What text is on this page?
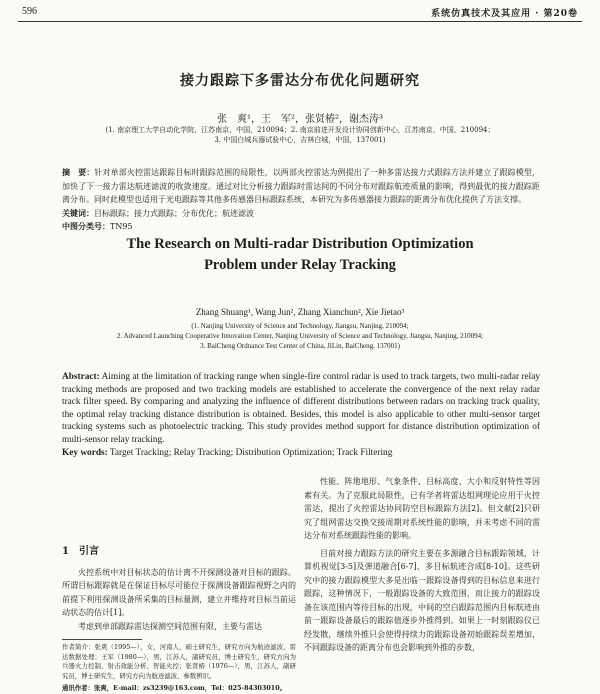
596	系统仿真技术及其应用 · 第20卷
接力跟踪下多雷达分布优化问题研究
张　爽¹，王　军²，张贤椿²，谢杰涛³
(1. 南京理工大学自动化学院，江苏南京，中国，210094；2. 南京前进开发设计协同创新中心，江苏南京，中国，210094；
3. 中国白城兵器试验中心，吉林白城，中国，137001)
摘　要：针对单部火控雷达跟踪目标时跟踪范围的局限性，以两部火控雷达为例提出了一种多雷达接力式跟踪方法并建立了跟踪模型，加快了下一接力雷达航迹滤波的收敛速度。通过对比分析接力跟踪时雷达间的不同分布对跟踪航迹质量的影响，得到最优的接力跟踪距离分布。同时此模型也适用于光电跟踪等其他多传感器目标跟踪系统，本研究为多传感器接力跟踪的距离分布优化提供了方法支撑。
关键词：目标跟踪；接力式跟踪；分布优化；航迹滤波
中图分类号：TN95
The Research on Multi-radar Distribution Optimization
Problem under Relay Tracking
Zhang Shuang¹, Wang Jun², Zhang Xianchun², Xie Jietao³
(1. Nanjing University of Science and Technology, Jiangsu, Nanjing, 210094;
2. Advanced Launching Cooperative Innovation Center, Nanjing University of Science and Technology, Jiangsu, Nanjing, 210094;
3. BaiCheng Ordnance Test Center of China, JiLin, BaiCheng, 137001)
Abstract: Aiming at the limitation of tracking range when single-fire control radar is used to track targets, two multi-radar relay tracking methods are proposed and two tracking models are established to accelerate the convergence of the next relay radar track filter speed. By comparing and analyzing the influence of different distributions between radars on tracking track quality, the optimal relay tracking distance distribution is obtained. Besides, this model is also applicable to other multi-sensor target tracking systems such as photoelectric tracking. This study provides method support for distance distribution optimization of multi-sensor relay tracking.
Key words: Target Tracking; Relay Tracking; Distribution Optimization; Track Filtering
1　引言

火控系统中对目标状态的估计离不开探测设备对目标的跟踪。所谓目标跟踪就是在保证目标尽可能位于探测设备跟踪视野之内的前提下利用探测设备所采集的目标量测，建立并维持对目标当前运动状态的估计[1]。

考虑到单部跟踪雷达探测空间范围有限，主要与雷达

作者简介：张爽（1995—），女，河南人，硕士研究生，研究方向为航迹滤波、雷达数据处理；王军（1980—），男，江苏人，副研究员，博士研究生，研究方向为兵器火力控制、射击效能分析、智能火控；张贤椿（1976—），男，江苏人，副研究员，博士研究生，研究方向为航迹滤波、参数辨识。
通讯作者：张爽，E-mail：zs3239@163.com，Tel：025-84303010。

性能、阵地地形、气象条件、目标高度、大小和反射特性等因素有关。为了克服此局限性，已有学者将雷达组网理论应用于火控雷达，提出了火控雷达协同防空目标跟踪方法[2]。但文献[2]只研究了组网雷达交换交接周期对系统性能的影响，并未考虑不同的雷达分布对系统跟踪性能的影响。

目前对接力跟踪方法的研究主要在多源融合目标跟踪领域，计算机视觉[3-5]及弹道融合[6-7]、多目标航迹合成[8-10]。这些研究中的接力跟踪模型大多是出临一跟踪设备得到的目标信息来进行跟踪，这种情况下，一般跟踪设备的大致范围，而让接力的跟踪设备在该范围内等待目标的出现，中间的空白跟踪范围内目标航迹由前一跟踪设备最后的跟踪值逐步外推得到。如果上一时刻跟踪仪已经发散，继续外推只会使得持续力的跟踪设备初始跟踪误差增加，不同跟踪设备的距离分布也会影响到外推的步数，
